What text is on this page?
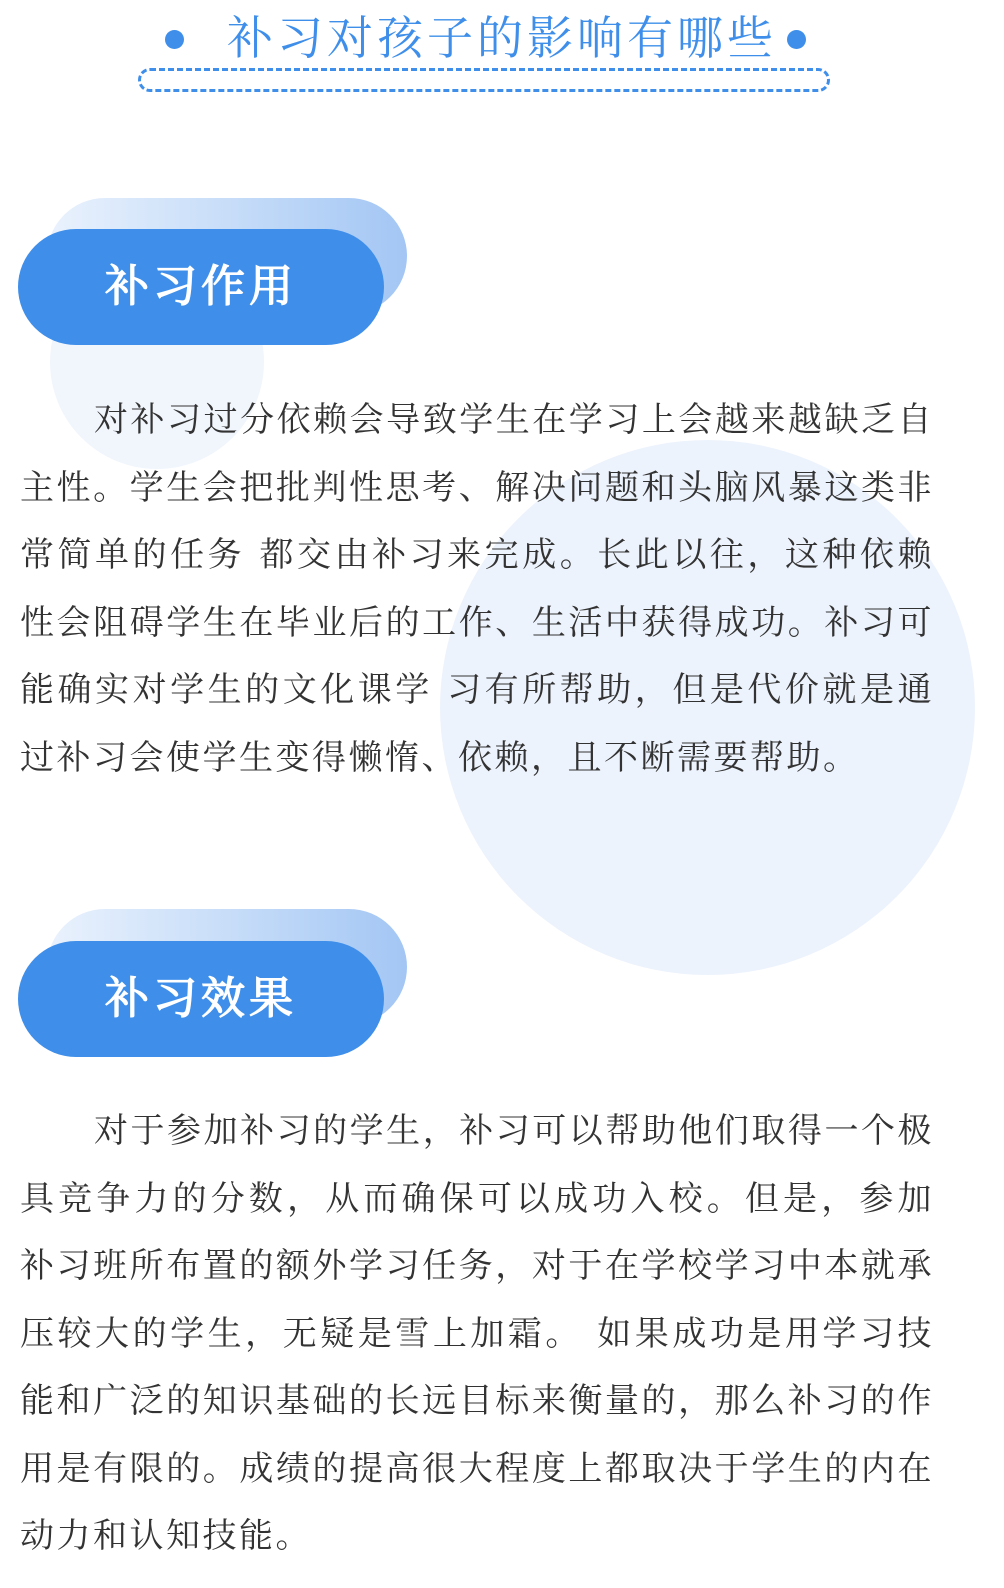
补习对孩子的影响有哪些
补习作用
对补习过分依赖会导致学生在学习上会越来越缺乏自主性。学生会把批判性思考、解决问题和头脑风暴这类非常简单的任务 都交由补习来完成。长此以往，这种依赖性会阻碍学生在毕业后的工作、生活中获得成功。补习可能确实对学生的文化课学 习有所帮助，但是代价就是通过补习会使学生变得懒惰、依赖，且不断需要帮助。
补习效果
对于参加补习的学生，补习可以帮助他们取得一个极具竞争力的分数，从而确保可以成功入校。但是，参加 补习班所布置的额外学习任务，对于在学校学习中本就承压较大的学生，无疑是雪上加霜。 如果成功是用学习技能和广泛的知识基础的长远目标来衡量的，那么补习的作用是有限的。成绩的提高很大程度上都取决于学生的内在动力和认知技能。
